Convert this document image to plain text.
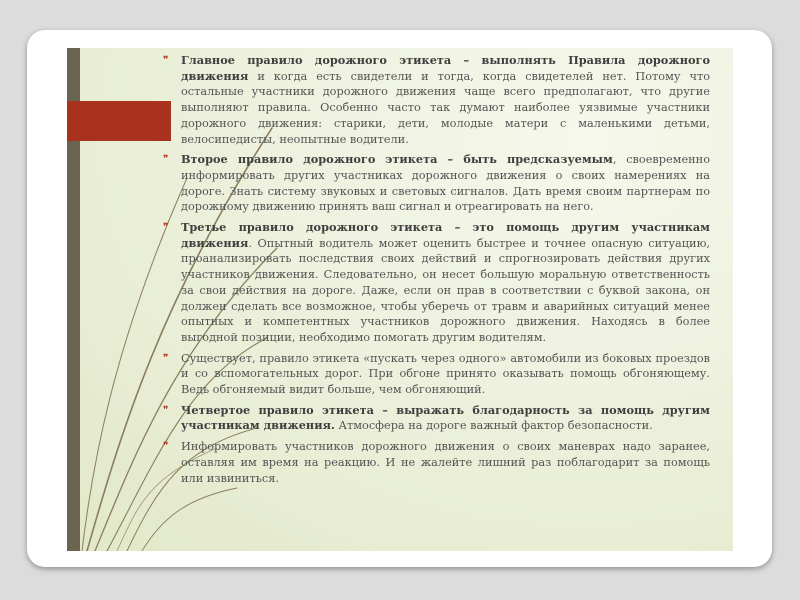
❞ Главное правило дорожного этикета – выполнять Правила дорожного движения и когда есть свидетели и тогда, когда свидетелей нет. Потому что остальные участники дорожного движения чаще всего предполагают, что другие выполняют правила. Особенно часто так думают наиболее уязвимые участники дорожного движения: старики, дети, молодые матери с маленькими детьми, велосипедисты, неопытные водители.

❞ Второе правило дорожного этикета – быть предсказуемым, своевременно информировать других участниках дорожного движения о своих намерениях на дороге. Знать систему звуковых и световых сигналов. Дать время своим партнерам по дорожному движению принять ваш сигнал и отреагировать на него.

❞ Третье правило дорожного этикета – это помощь другим участникам движения. Опытный водитель может оценить быстрее и точнее опасную ситуацию, проанализировать последствия своих действий и спрогнозировать действия других участников движения. Следовательно, он несет большую моральную ответственность за свои действия на дороге. Даже, если он прав в соответствии с буквой закона, он должен сделать все возможное, чтобы уберечь от травм и аварийных ситуаций менее опытных и компетентных участников дорожного движения. Находясь в более выгодной позиции, необходимо помогать другим водителям.

❞ Существует, правило этикета «пускать через одного» автомобили из боковых проездов и со вспомогательных дорог. При обгоне принято оказывать помощь обгоняющему. Ведь обгоняемый видит больше, чем обгоняющий.

❞ Четвертое правило этикета – выражать благодарность за помощь другим участникам движения. Атмосфера на дороге важный фактор безопасности.

❞ Информировать участников дорожного движения о своих маневрах надо заранее, оставляя им время на реакцию. И не жалейте лишний раз поблагодарит за помощь или извиниться.
